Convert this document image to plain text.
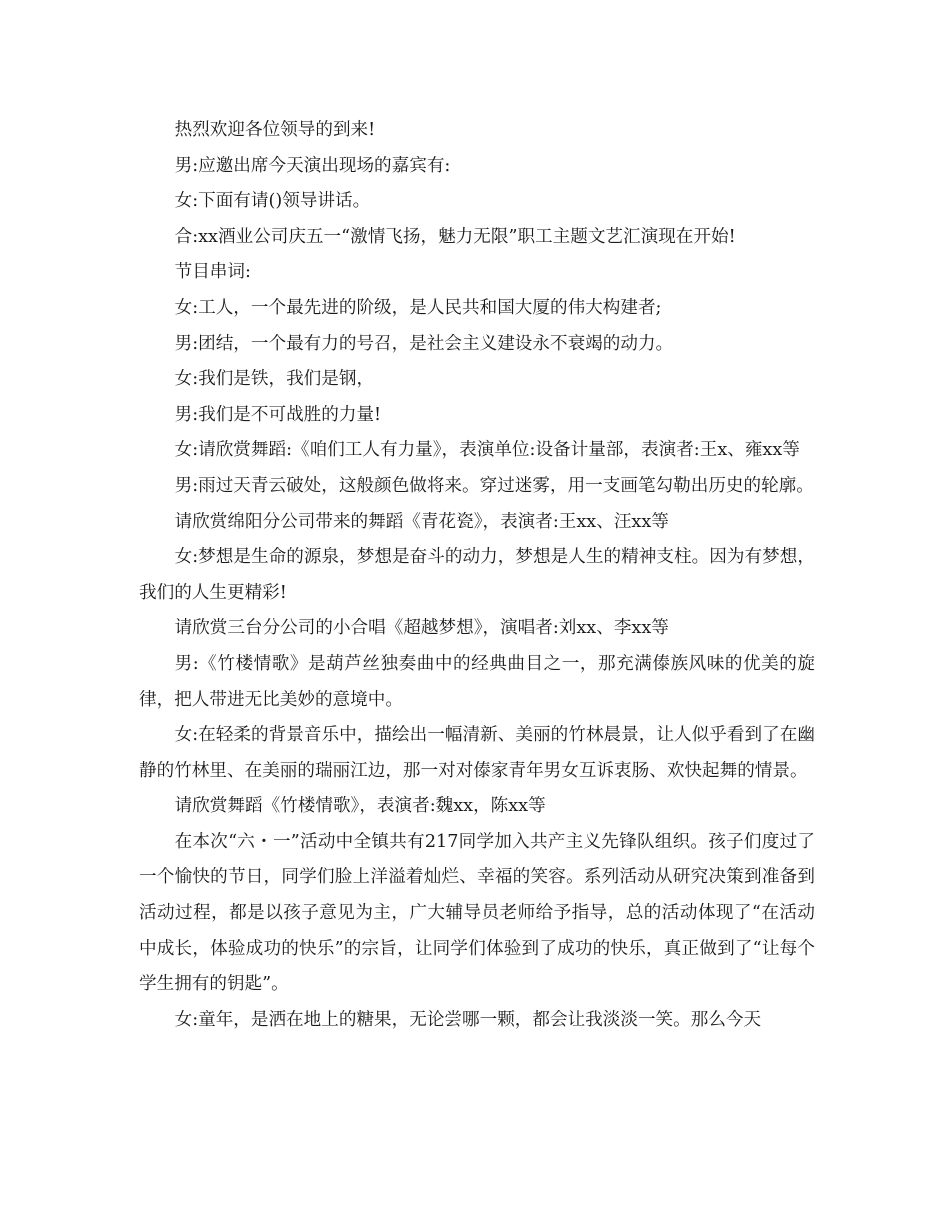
热烈欢迎各位领导的到来!

男:应邀出席今天演出现场的嘉宾有:

女:下面有请()领导讲话。

合:xx酒业公司庆五一“激情飞扬，魅力无限”职工主题文艺汇演现在开始!

节目串词:

女:工人，一个最先进的阶级，是人民共和国大厦的伟大构建者;

男:团结，一个最有力的号召，是社会主义建设永不衰竭的动力。

女:我们是铁，我们是钢，

男:我们是不可战胜的力量!

女:请欣赏舞蹈:《咱们工人有力量》，表演单位:设备计量部，表演者:王x、雍xx等

男:雨过天青云破处，这般颜色做将来。穿过迷雾，用一支画笔勾勒出历史的轮廓。

请欣赏绵阳分公司带来的舞蹈《青花瓷》，表演者:王xx、汪xx等

女:梦想是生命的源泉，梦想是奋斗的动力，梦想是人生的精神支柱。因为有梦想，我们的人生更精彩!

请欣赏三台分公司的小合唱《超越梦想》，演唱者:刘xx、李xx等

男:《竹楼情歌》是葫芦丝独奏曲中的经典曲目之一，那充满傣族风味的优美的旋律，把人带进无比美妙的意境中。

女:在轻柔的背景音乐中，描绘出一幅清新、美丽的竹林晨景，让人似乎看到了在幽静的竹林里、在美丽的瑞丽江边，那一对对傣家青年男女互诉衷肠、欢快起舞的情景。

请欣赏舞蹈《竹楼情歌》，表演者:魏xx，陈xx等

在本次“六・一”活动中全镇共有217同学加入共产主义先锋队组织。孩子们度过了一个愉快的节日，同学们脸上洋溢着灿烂、幸福的笑容。系列活动从研究决策到准备到活动过程，都是以孩子意见为主，广大辅导员老师给予指导，总的活动体现了“在活动中成长，体验成功的快乐”的宗旨，让同学们体验到了成功的快乐，真正做到了“让每个学生拥有的钥匙”。

女:童年，是洒在地上的糖果，无论尝哪一颗，都会让我淡淡一笑。那么今天
